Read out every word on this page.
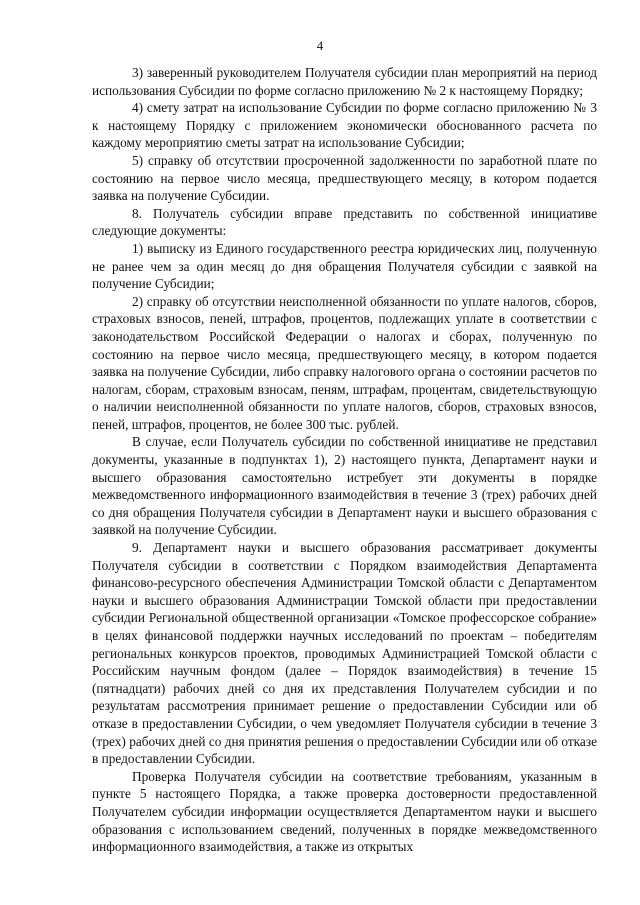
4

3) заверенный руководителем Получателя субсидии план мероприятий на период использования Субсидии по форме согласно приложению № 2 к настоящему Порядку;

4) смету затрат на использование Субсидии по форме согласно приложению № 3 к настоящему Порядку с приложением экономически обоснованного расчета по каждому мероприятию сметы затрат на использование Субсидии;

5) справку об отсутствии просроченной задолженности по заработной плате по состоянию на первое число месяца, предшествующего месяцу, в котором подается заявка на получение Субсидии.

8. Получатель субсидии вправе представить по собственной инициативе следующие документы:

1) выписку из Единого государственного реестра юридических лиц, полученную не ранее чем за один месяц до дня обращения Получателя субсидии с заявкой на получение Субсидии;

2) справку об отсутствии неисполненной обязанности по уплате налогов, сборов, страховых взносов, пеней, штрафов, процентов, подлежащих уплате в соответствии с законодательством Российской Федерации о налогах и сборах, полученную по состоянию на первое число месяца, предшествующего месяцу, в котором подается заявка на получение Субсидии, либо справку налогового органа о состоянии расчетов по налогам, сборам, страховым взносам, пеням, штрафам, процентам, свидетельствующую о наличии неисполненной обязанности по уплате налогов, сборов, страховых взносов, пеней, штрафов, процентов, не более 300 тыс. рублей.

В случае, если Получатель субсидии по собственной инициативе не представил документы, указанные в подпунктах 1), 2) настоящего пункта, Департамент науки и высшего образования самостоятельно истребует эти документы в порядке межведомственного информационного взаимодействия в течение 3 (трех) рабочих дней со дня обращения Получателя субсидии в Департамент науки и высшего образования с заявкой на получение Субсидии.

9. Департамент науки и высшего образования рассматривает документы Получателя субсидии в соответствии с Порядком взаимодействия Департамента финансово-ресурсного обеспечения Администрации Томской области с Департаментом науки и высшего образования Администрации Томской области при предоставлении субсидии Региональной общественной организации «Томское профессорское собрание» в целях финансовой поддержки научных исследований по проектам – победителям региональных конкурсов проектов, проводимых Администрацией Томской области с Российским научным фондом (далее – Порядок взаимодействия) в течение 15 (пятнадцати) рабочих дней со дня их представления Получателем субсидии и по результатам рассмотрения принимает решение о предоставлении Субсидии или об отказе в предоставлении Субсидии, о чем уведомляет Получателя субсидии в течение 3 (трех) рабочих дней со дня принятия решения о предоставлении Субсидии или об отказе в предоставлении Субсидии.

Проверка Получателя субсидии на соответствие требованиям, указанным в пункте 5 настоящего Порядка, а также проверка достоверности предоставленной Получателем субсидии информации осуществляется Департаментом науки и высшего образования с использованием сведений, полученных в порядке межведомственного информационного взаимодействия, а также из открытых
